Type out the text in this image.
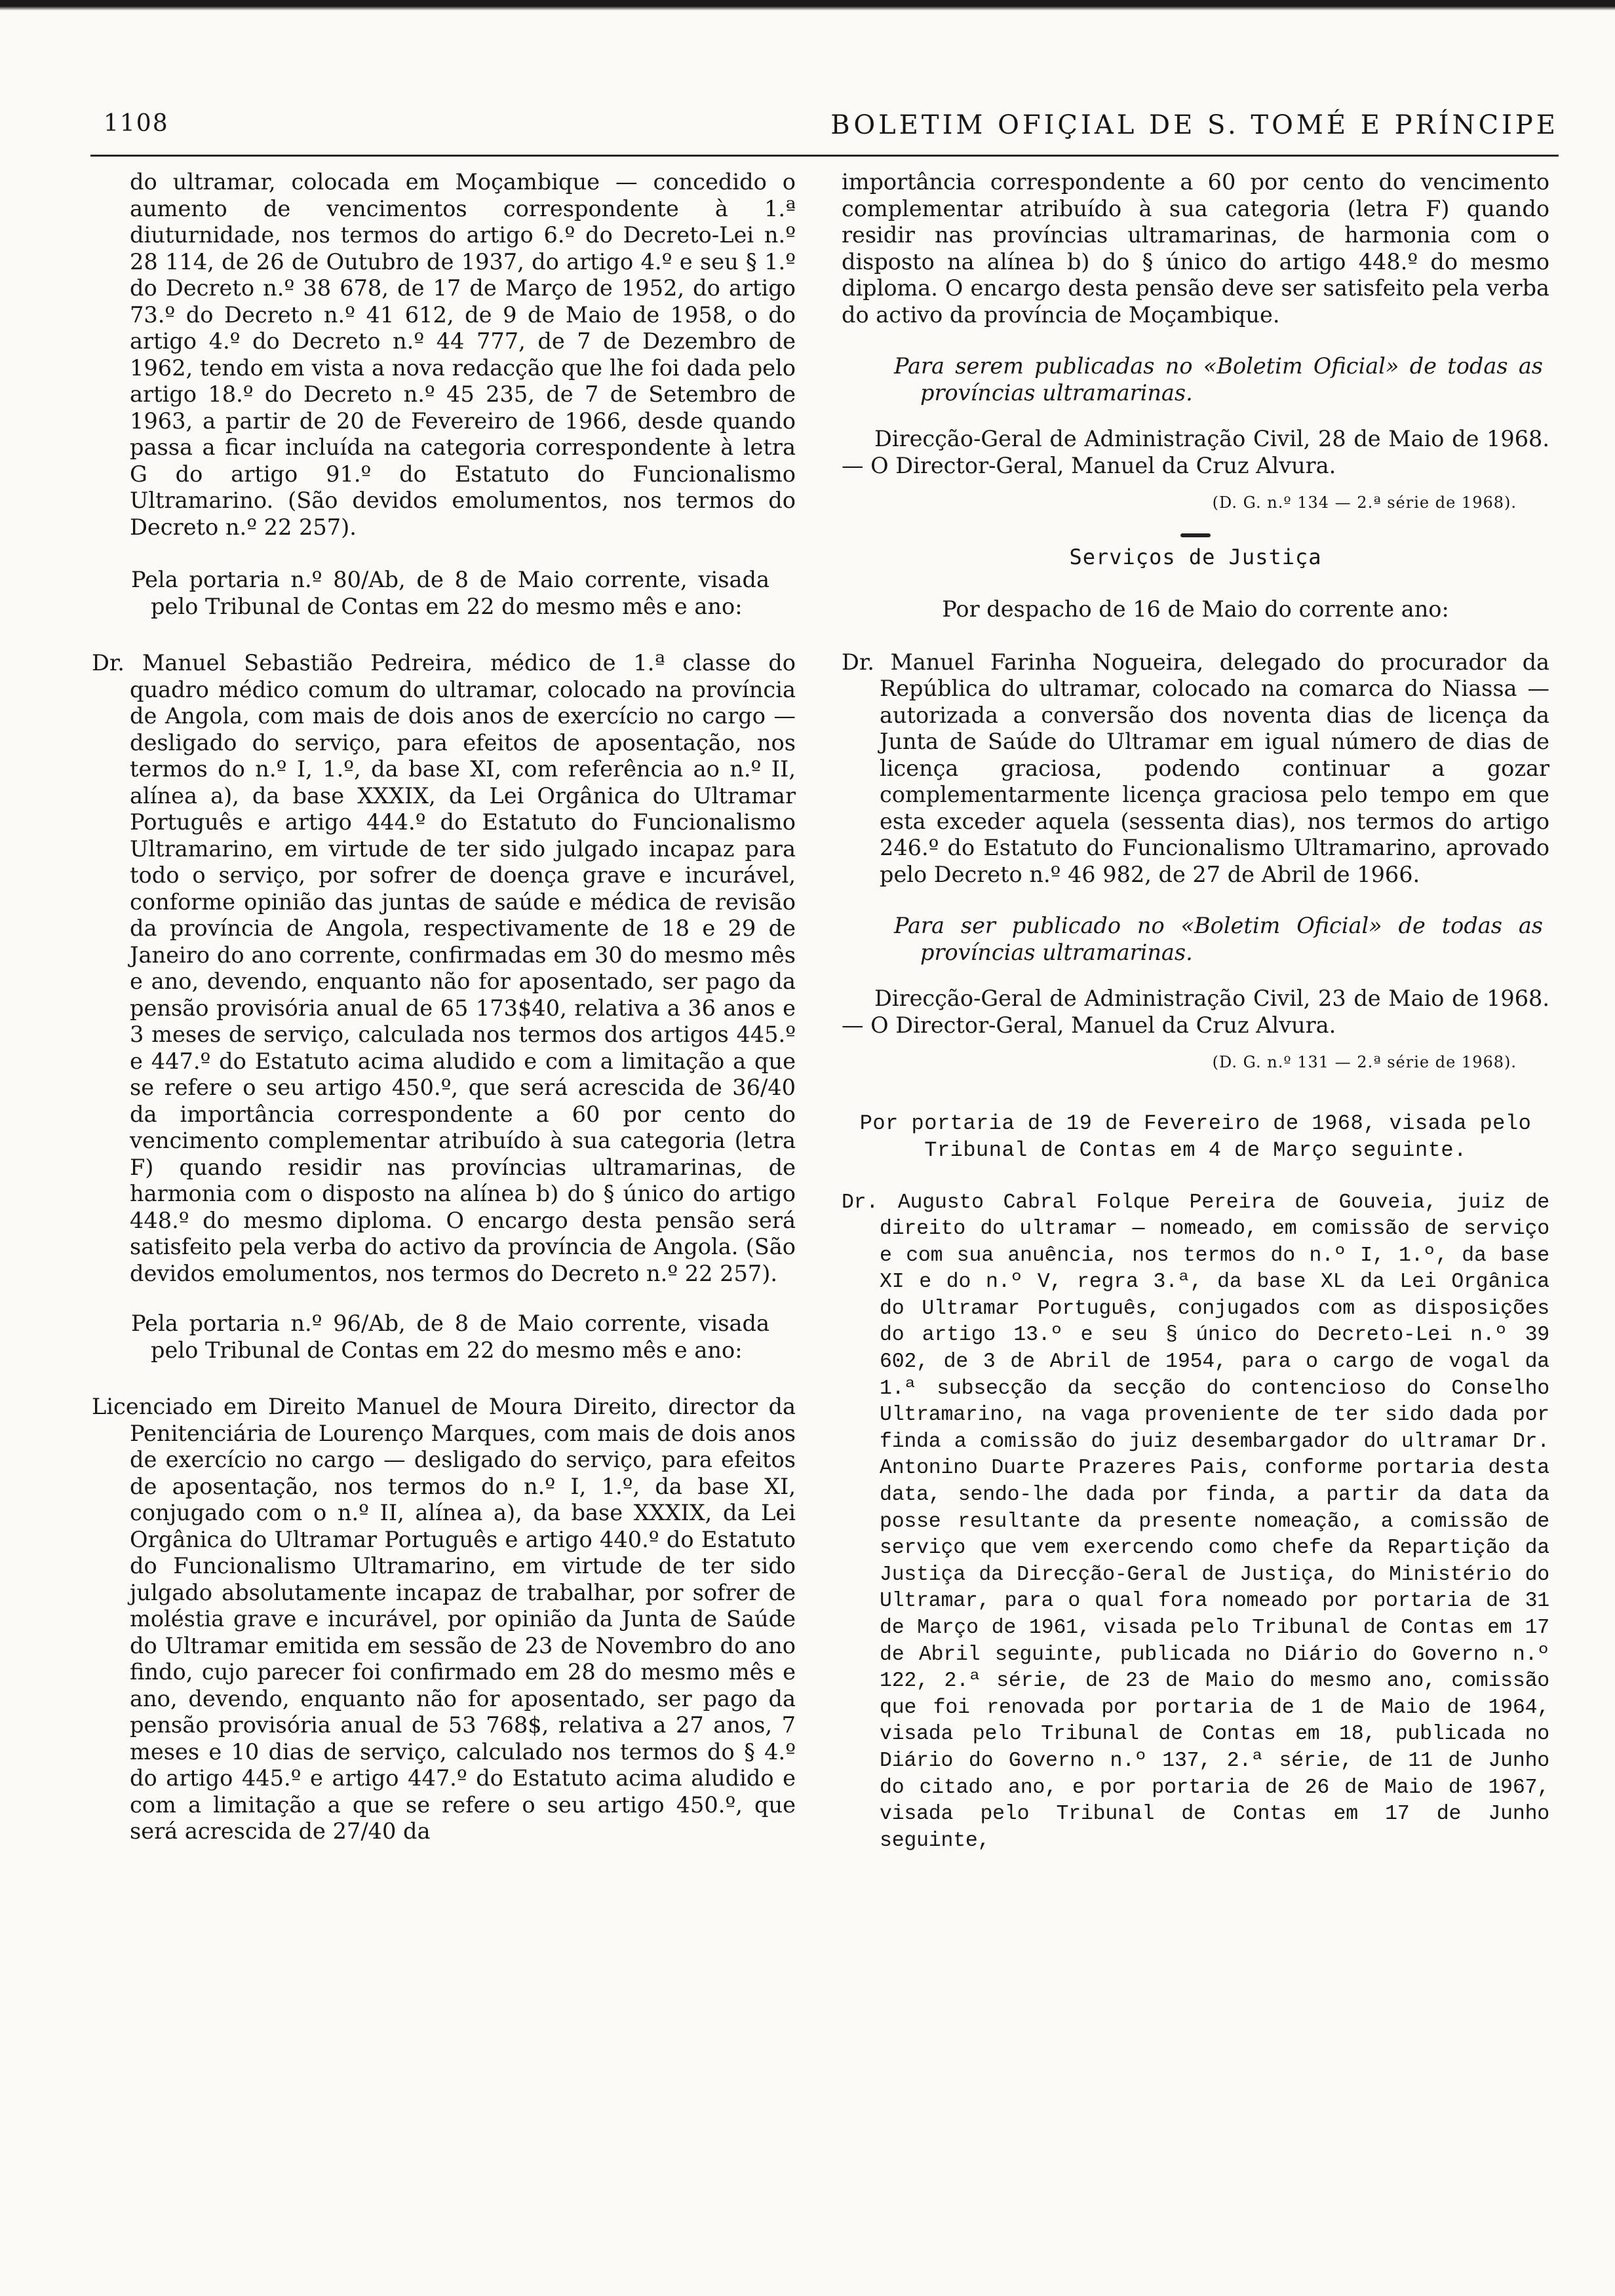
1108	BOLETIM OFIÇIAL DE S. TOMÉ E PRÍNCIPE

do ultramar, colocada em Moçambique — concedido o aumento de vencimentos correspondente à 1.ª diuturnidade, nos termos do artigo 6.º do Decreto-Lei n.º 28 114, de 26 de Outubro de 1937, do artigo 4.º e seu § 1.º do Decreto n.º 38 678, de 17 de Março de 1952, do artigo 73.º do Decreto n.º 41 612, de 9 de Maio de 1958, o do artigo 4.º do Decreto n.º 44 777, de 7 de Dezembro de 1962, tendo em vista a nova redacção que lhe foi dada pelo artigo 18.º do Decreto n.º 45 235, de 7 de Setembro de 1963, a partir de 20 de Fevereiro de 1966, desde quando passa a ficar incluída na categoria correspondente à letra G do artigo 91.º do Estatuto do Funcionalismo Ultramarino. (São devidos emolumentos, nos termos do Decreto n.º 22 257).

Pela portaria n.º 80/Ab, de 8 de Maio corrente, visada pelo Tribunal de Contas em 22 do mesmo mês e ano:

Dr. Manuel Sebastião Pedreira, médico de 1.ª classe do quadro médico comum do ultramar, colocado na província de Angola, com mais de dois anos de exercício no cargo — desligado do serviço, para efeitos de aposentação, nos termos do n.º I, 1.º, da base XI, com referência ao n.º II, alínea a), da base XXXIX, da Lei Orgânica do Ultramar Português e artigo 444.º do Estatuto do Funcionalismo Ultramarino, em virtude de ter sido julgado incapaz para todo o serviço, por sofrer de doença grave e incurável, conforme opinião das juntas de saúde e médica de revisão da província de Angola, respectivamente de 18 e 29 de Janeiro do ano corrente, confirmadas em 30 do mesmo mês e ano, devendo, enquanto não for aposentado, ser pago da pensão provisória anual de 65 173$40, relativa a 36 anos e 3 meses de serviço, calculada nos termos dos artigos 445.º e 447.º do Estatuto acima aludido e com a limitação a que se refere o seu artigo 450.º, que será acrescida de 36/40 da importância correspondente a 60 por cento do vencimento complementar atribuído à sua categoria (letra F) quando residir nas províncias ultramarinas, de harmonia com o disposto na alínea b) do § único do artigo 448.º do mesmo diploma. O encargo desta pensão será satisfeito pela verba do activo da província de Angola. (São devidos emolumentos, nos termos do Decreto n.º 22 257).

Pela portaria n.º 96/Ab, de 8 de Maio corrente, visada pelo Tribunal de Contas em 22 do mesmo mês e ano:

Licenciado em Direito Manuel de Moura Direito, director da Penitenciária de Lourenço Marques, com mais de dois anos de exercício no cargo — desligado do serviço, para efeitos de aposentação, nos termos do n.º I, 1.º, da base XI, conjugado com o n.º II, alínea a), da base XXXIX, da Lei Orgânica do Ultramar Português e artigo 440.º do Estatuto do Funcionalismo Ultramarino, em virtude de ter sido julgado absolutamente incapaz de trabalhar, por sofrer de moléstia grave e incurável, por opinião da Junta de Saúde do Ultramar emitida em sessão de 23 de Novembro do ano findo, cujo parecer foi confirmado em 28 do mesmo mês e ano, devendo, enquanto não for aposentado, ser pago da pensão provisória anual de 53 768$, relativa a 27 anos, 7 meses e 10 dias de serviço, calculado nos termos do § 4.º do artigo 445.º e artigo 447.º do Estatuto acima aludido e com a limitação a que se refere o seu artigo 450.º, que será acrescida de 27/40 da

importância correspondente a 60 por cento do vencimento complementar atribuído à sua categoria (letra F) quando residir nas províncias ultramarinas, de harmonia com o disposto na alínea b) do § único do artigo 448.º do mesmo diploma. O encargo desta pensão deve ser satisfeito pela verba do activo da província de Moçambique.

Para serem publicadas no «Boletim Oficial» de todas as províncias ultramarinas.

Direcção-Geral de Administração Civil, 28 de Maio de 1968. — O Director-Geral, Manuel da Cruz Alvura.

(D. G. n.º 134 — 2.ª série de 1968).

Serviços de Justiça

Por despacho de 16 de Maio do corrente ano:

Dr. Manuel Farinha Nogueira, delegado do procurador da República do ultramar, colocado na comarca do Niassa — autorizada a conversão dos noventa dias de licença da Junta de Saúde do Ultramar em igual número de dias de licença graciosa, podendo continuar a gozar complementarmente licença graciosa pelo tempo em que esta exceder aquela (sessenta dias), nos termos do artigo 246.º do Estatuto do Funcionalismo Ultramarino, aprovado pelo Decreto n.º 46 982, de 27 de Abril de 1966.

Para ser publicado no «Boletim Oficial» de todas as províncias ultramarinas.

Direcção-Geral de Administração Civil, 23 de Maio de 1968. — O Director-Geral, Manuel da Cruz Alvura.

(D. G. n.º 131 — 2.ª série de 1968).

Por portaria de 19 de Fevereiro de 1968, visada pelo Tribunal de Contas em 4 de Março seguinte.

Dr. Augusto Cabral Folque Pereira de Gouveia, juiz de direito do ultramar — nomeado, em comissão de serviço e com sua anuência, nos termos do n.º I, 1.º, da base XI e do n.º V, regra 3.ª, da base XL da Lei Orgânica do Ultramar Português, conjugados com as disposições do artigo 13.º e seu § único do Decreto-Lei n.º 39 602, de 3 de Abril de 1954, para o cargo de vogal da 1.ª subsecção da secção do contencioso do Conselho Ultramarino, na vaga proveniente de ter sido dada por finda a comissão do juiz desembargador do ultramar Dr. Antonino Duarte Prazeres Pais, conforme portaria desta data, sendo-lhe dada por finda, a partir da data da posse resultante da presente nomeação, a comissão de serviço que vem exercendo como chefe da Repartição da Justiça da Direcção-Geral de Justiça, do Ministério do Ultramar, para o qual fora nomeado por portaria de 31 de Março de 1961, visada pelo Tribunal de Contas em 17 de Abril seguinte, publicada no Diário do Governo n.º 122, 2.ª série, de 23 de Maio do mesmo ano, comissão que foi renovada por portaria de 1 de Maio de 1964, visada pelo Tribunal de Contas em 18, publicada no Diário do Governo n.º 137, 2.ª série, de 11 de Junho do citado ano, e por portaria de 26 de Maio de 1967, visada pelo Tribunal de Contas em 17 de Junho seguinte,
